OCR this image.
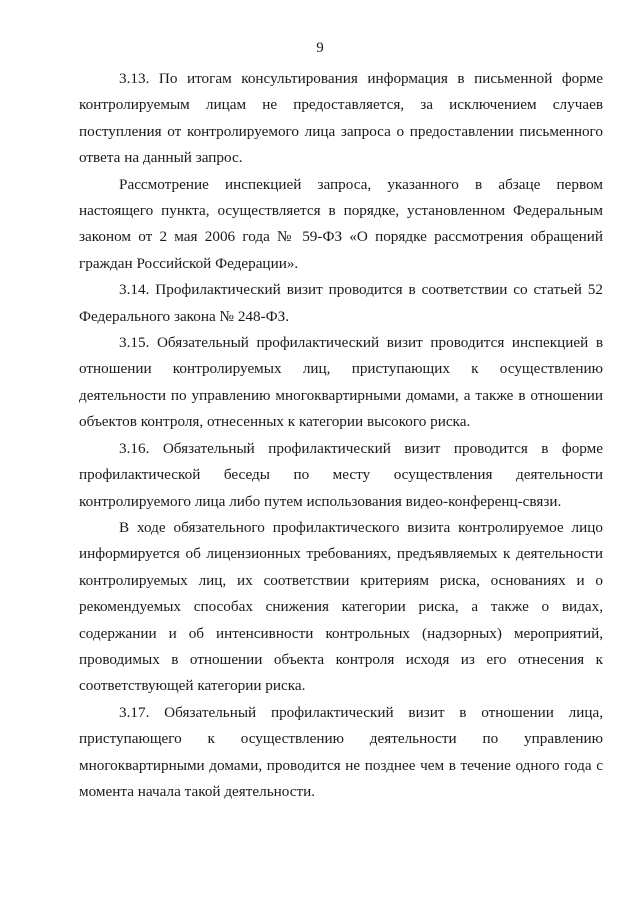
9

3.13. По итогам консультирования информация в письменной форме контролируемым лицам не предоставляется, за исключением случаев поступления от контролируемого лица запроса о предоставлении письменного ответа на данный запрос.

Рассмотрение инспекцией запроса, указанного в абзаце первом настоящего пункта, осуществляется в порядке, установленном Федеральным законом от 2 мая 2006 года № 59-ФЗ «О порядке рассмотрения обращений граждан Российской Федерации».

3.14. Профилактический визит проводится в соответствии со статьей 52 Федерального закона № 248-ФЗ.

3.15. Обязательный профилактический визит проводится инспекцией в отношении контролируемых лиц, приступающих к осуществлению деятельности по управлению многоквартирными домами, а также в отношении объектов контроля, отнесенных к категории высокого риска.

3.16. Обязательный профилактический визит проводится в форме профилактической беседы по месту осуществления деятельности контролируемого лица либо путем использования видео-конференц-связи.

В ходе обязательного профилактического визита контролируемое лицо информируется об лицензионных требованиях, предъявляемых к деятельности контролируемых лиц, их соответствии критериям риска, основаниях и о рекомендуемых способах снижения категории риска, а также о видах, содержании и об интенсивности контрольных (надзорных) мероприятий, проводимых в отношении объекта контроля исходя из его отнесения к соответствующей категории риска.

3.17. Обязательный профилактический визит в отношении лица, приступающего к осуществлению деятельности по управлению многоквартирными домами, проводится не позднее чем в течение одного года с момента начала такой деятельности.
